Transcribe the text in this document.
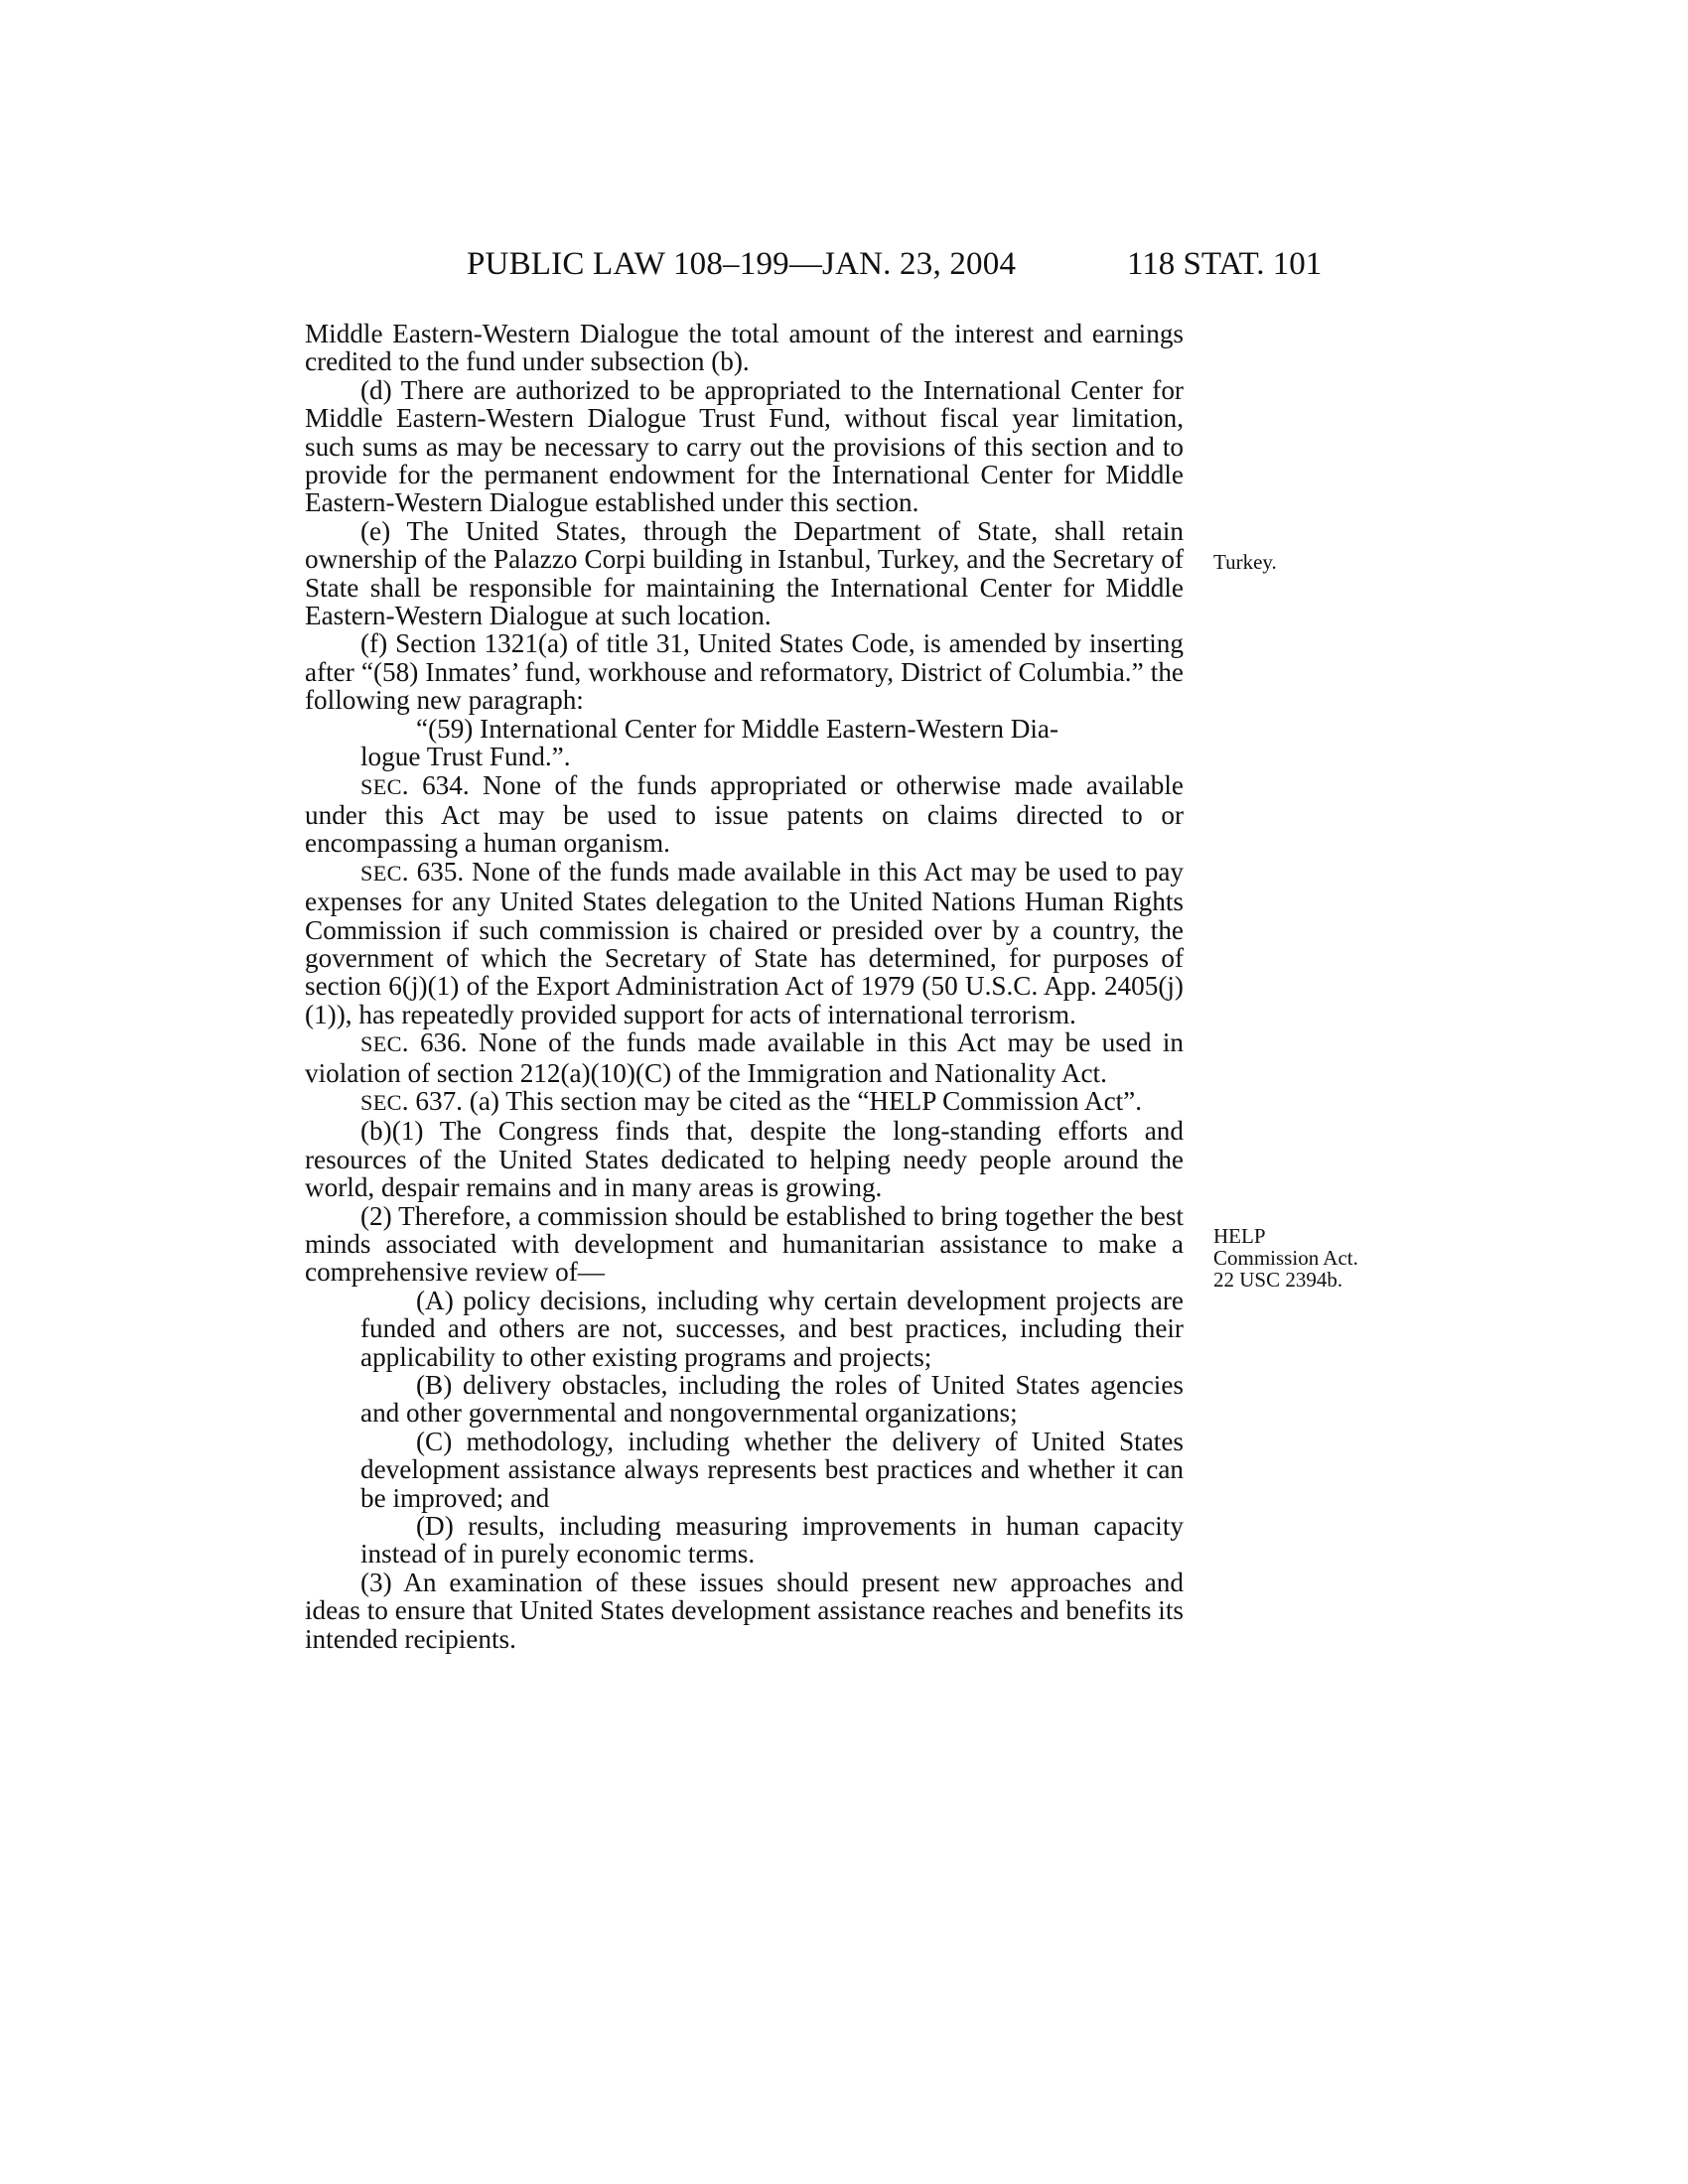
PUBLIC LAW 108–199—JAN. 23, 2004	118 STAT. 101
Turkey.
HELP
Commission Act.
22 USC 2394b.

Middle Eastern-Western Dialogue the total amount of the interest and earnings credited to the fund under subsection (b).

(d) There are authorized to be appropriated to the International Center for Middle Eastern-Western Dialogue Trust Fund, without fiscal year limitation, such sums as may be necessary to carry out the provisions of this section and to provide for the permanent endowment for the International Center for Middle Eastern-Western Dialogue established under this section.

(e) The United States, through the Department of State, shall retain ownership of the Palazzo Corpi building in Istanbul, Turkey, and the Secretary of State shall be responsible for maintaining the International Center for Middle Eastern-Western Dialogue at such location.

(f) Section 1321(a) of title 31, United States Code, is amended by inserting after “(58) Inmates’ fund, workhouse and reformatory, District of Columbia.” the following new paragraph:

“(59) International Center for Middle Eastern-Western Dia-

logue Trust Fund.”.

SEC. 634. None of the funds appropriated or otherwise made available under this Act may be used to issue patents on claims directed to or encompassing a human organism.

SEC. 635. None of the funds made available in this Act may be used to pay expenses for any United States delegation to the United Nations Human Rights Commission if such commission is chaired or presided over by a country, the government of which the Secretary of State has determined, for purposes of section 6(j)(1) of the Export Administration Act of 1979 (50 U.S.C. App. 2405(j)(1)), has repeatedly provided support for acts of international terrorism.

SEC. 636. None of the funds made available in this Act may be used in violation of section 212(a)(10)(C) of the Immigration and Nationality Act.

SEC. 637. (a) This section may be cited as the “HELP Commission Act”.

(b)(1) The Congress finds that, despite the long-standing efforts and resources of the United States dedicated to helping needy people around the world, despair remains and in many areas is growing.

(2) Therefore, a commission should be established to bring together the best minds associated with development and humanitarian assistance to make a comprehensive review of—

(A) policy decisions, including why certain development projects are funded and others are not, successes, and best practices, including their applicability to other existing programs and projects;

(B) delivery obstacles, including the roles of United States agencies and other governmental and nongovernmental organizations;

(C) methodology, including whether the delivery of United States development assistance always represents best practices and whether it can be improved; and

(D) results, including measuring improvements in human capacity instead of in purely economic terms.

(3) An examination of these issues should present new approaches and ideas to ensure that United States development assistance reaches and benefits its intended recipients.
